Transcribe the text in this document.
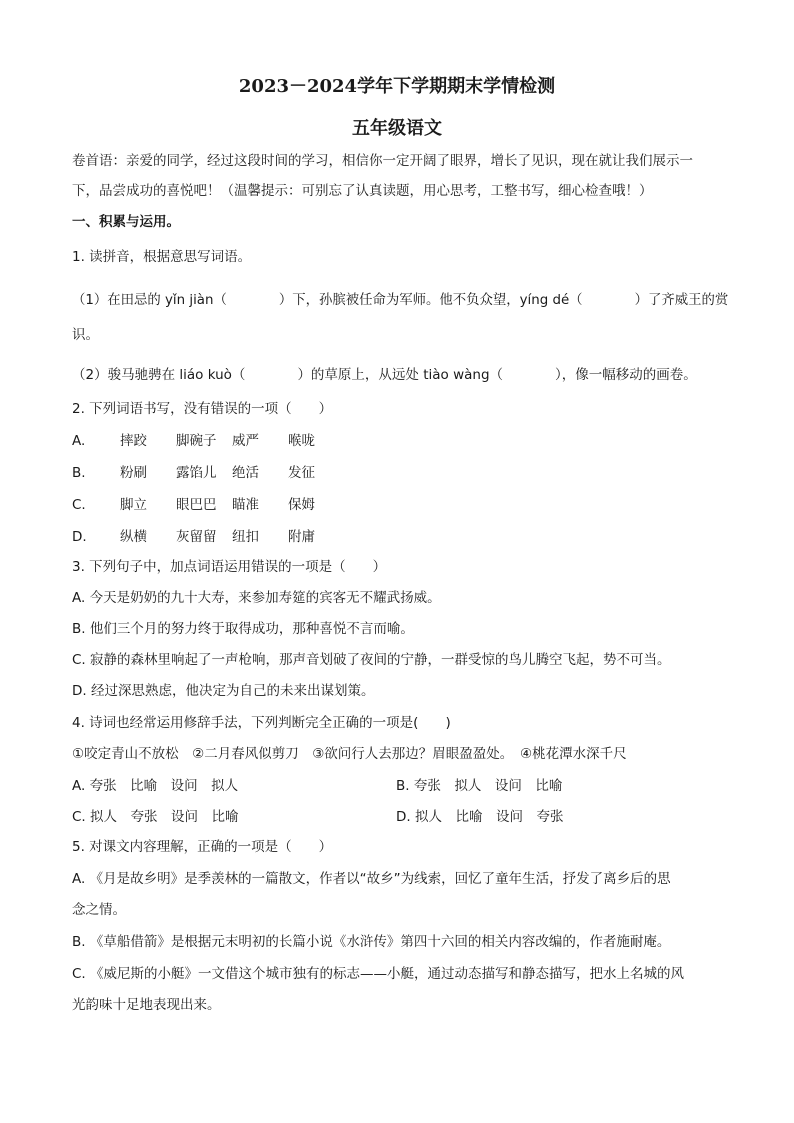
2023－2024学年下学期期末学情检测
五年级语文
卷首语：亲爱的同学，经过这段时间的学习，相信你一定开阔了眼界，增长了见识，现在就让我们展示一
下，品尝成功的喜悦吧！（温馨提示：可别忘了认真读题，用心思考，工整书写，细心检查哦！）
一、积累与运用。
1. 读拼音，根据意思写词语。
（1）在田忌的 yǐn jiàn（	）下，孙膑被任命为军师。他不负众望，yíng dé（	）了齐威王的赏
识。
（2）骏马驰骋在 liáo kuò（	）的草原上，从远处 tiào wàng（	），像一幅移动的画卷。
2. 下列词语书写，没有错误的一项（　　）
A.	摔跤 脚碗子 威严 喉咙
B.	粉刷 露馅儿 绝活 发征
C.	脚立 眼巴巴 瞄准 保姆
D. 纵横 灰留留 纽扣 附庸
3. 下列句子中，加点词语运用错误的一项是（　　）
A. 今天是奶奶的九十大寿，来参加寿筵的宾客无不耀武扬威。
B. 他们三个月的努力终于取得成功，那种喜悦不言而喻。
C. 寂静的森林里响起了一声枪响，那声音划破了夜间的宁静，一群受惊的鸟儿腾空飞起，势不可当。
D. 经过深思熟虑，他决定为自己的未来出谋划策。
4. 诗词也经常运用修辞手法，下列判断完全正确的一项是(　　)
①咬定青山不放松　②二月春风似剪刀　③欲问行人去那边？眉眼盈盈处。　④桃花潭水深千尺
A. 夸张　比喻　设问　拟人	B. 夸张　拟人　设问　比喻
C. 拟人　夸张　设问　比喻	D. 拟人　比喻　设问　夸张
5. 对课文内容理解，正确的一项是（　　）
A. 《月是故乡明》是季羡林的一篇散文，作者以“故乡”为线索，回忆了童年生活，抒发了离乡后的思
念之情。
B. 《草船借箭》是根据元末明初的长篇小说《水浒传》第四十六回的相关内容改编的，作者施耐庵。
C. 《威尼斯的小艇》一文借这个城市独有的标志——小艇，通过动态描写和静态描写，把水上名城的风
光韵味十足地表现出来。
